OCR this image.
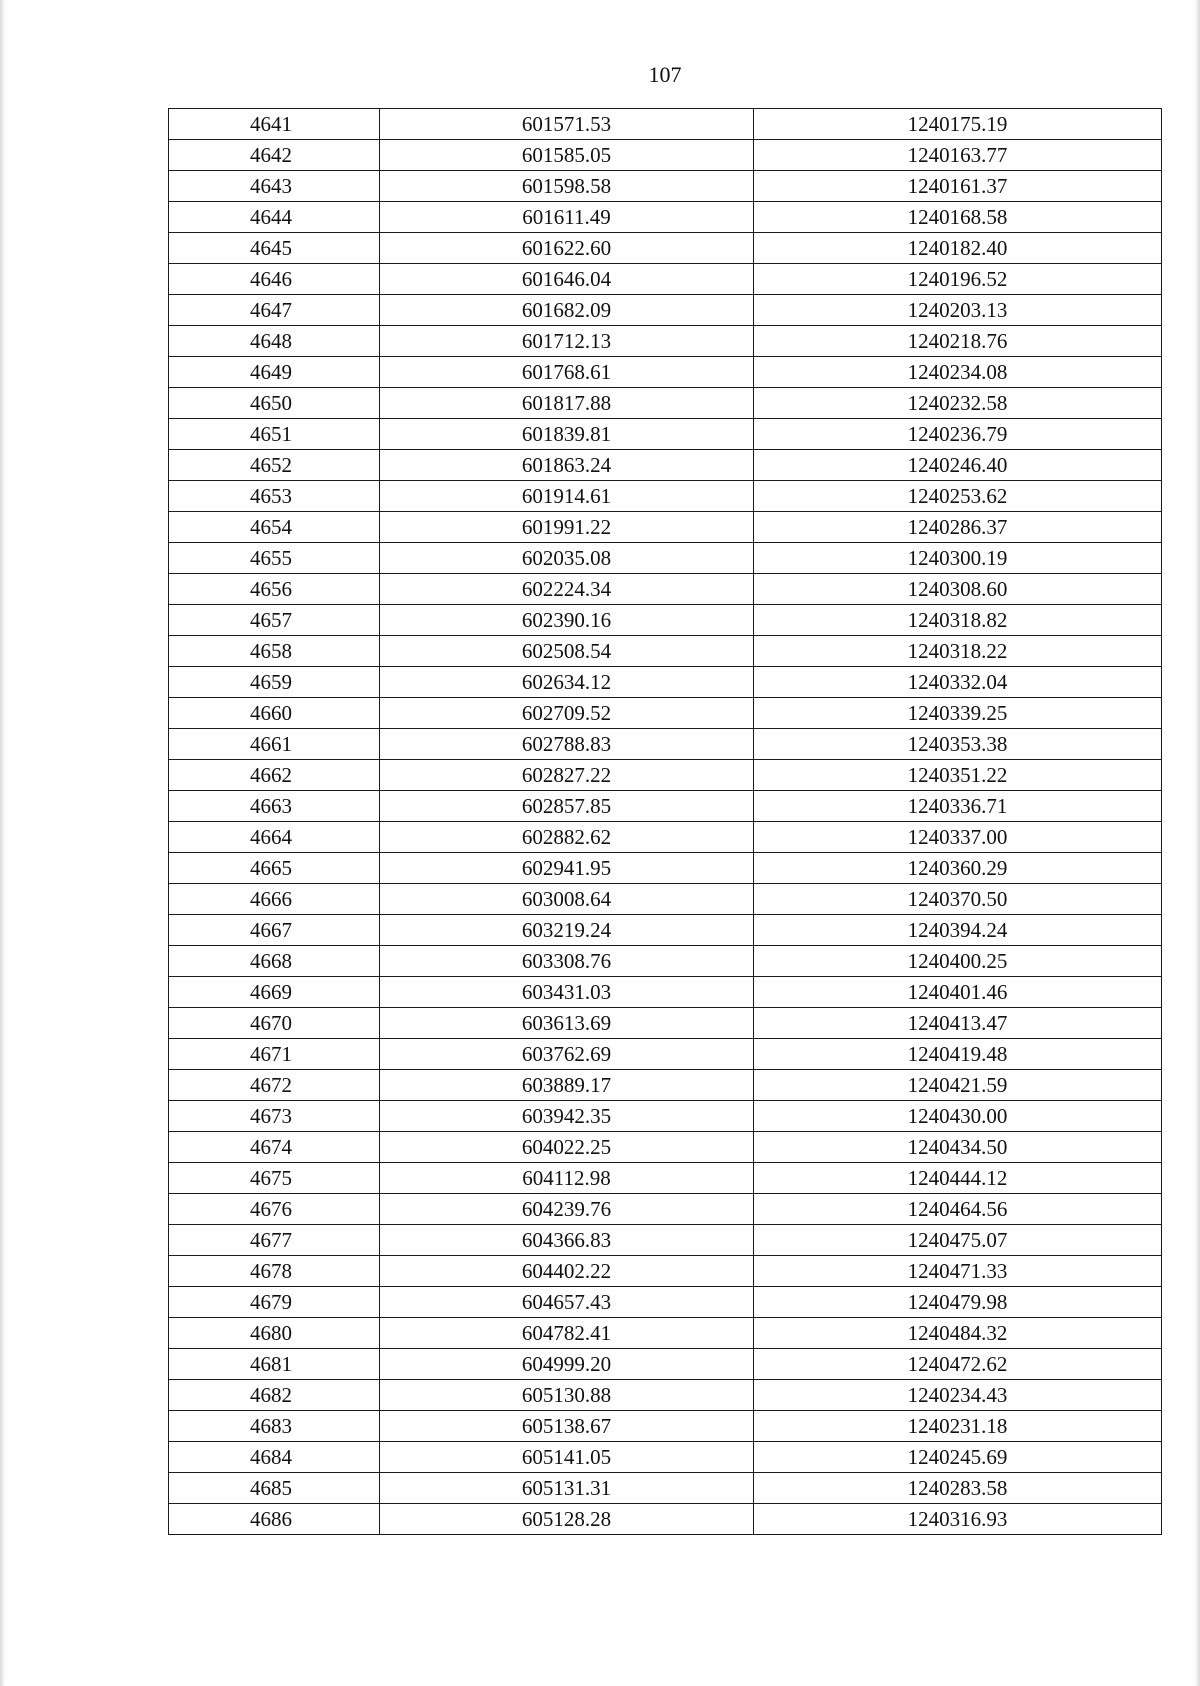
107
4641	601571.53	1240175.19
4642	601585.05	1240163.77
4643	601598.58	1240161.37
4644	601611.49	1240168.58
4645	601622.60	1240182.40
4646	601646.04	1240196.52
4647	601682.09	1240203.13
4648	601712.13	1240218.76
4649	601768.61	1240234.08
4650	601817.88	1240232.58
4651	601839.81	1240236.79
4652	601863.24	1240246.40
4653	601914.61	1240253.62
4654	601991.22	1240286.37
4655	602035.08	1240300.19
4656	602224.34	1240308.60
4657	602390.16	1240318.82
4658	602508.54	1240318.22
4659	602634.12	1240332.04
4660	602709.52	1240339.25
4661	602788.83	1240353.38
4662	602827.22	1240351.22
4663	602857.85	1240336.71
4664	602882.62	1240337.00
4665	602941.95	1240360.29
4666	603008.64	1240370.50
4667	603219.24	1240394.24
4668	603308.76	1240400.25
4669	603431.03	1240401.46
4670	603613.69	1240413.47
4671	603762.69	1240419.48
4672	603889.17	1240421.59
4673	603942.35	1240430.00
4674	604022.25	1240434.50
4675	604112.98	1240444.12
4676	604239.76	1240464.56
4677	604366.83	1240475.07
4678	604402.22	1240471.33
4679	604657.43	1240479.98
4680	604782.41	1240484.32
4681	604999.20	1240472.62
4682	605130.88	1240234.43
4683	605138.67	1240231.18
4684	605141.05	1240245.69
4685	605131.31	1240283.58
4686	605128.28	1240316.93
